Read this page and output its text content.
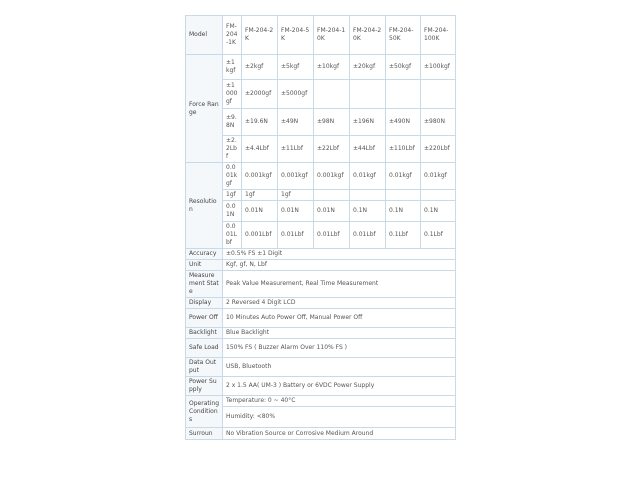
Model	FM-204-1K	FM-204-2K	FM-204-5K	FM-204-10K	FM-204-20K	FM-204-50K	FM-204-100K
Force Range	±1kgf	±2kgf	±5kgf	±10kgf	±20kgf	±50kgf	±100kgf
	±1000gf	±2000gf	±5000gf				
	±9.8N	±19.6N	±49N	±98N	±196N	±490N	±980N
	±2.2Lbf	±4.4Lbf	±11Lbf	±22Lbf	±44Lbf	±110Lbf	±220Lbf
Resolution	0.001kgf	0.001kgf	0.001kgf	0.001kgf	0.01kgf	0.01kgf	0.01kgf
	1gf	1gf	1gf				
	0.01N	0.01N	0.01N	0.01N	0.1N	0.1N	0.1N
	0.001Lbf	0.001Lbf	0.01Lbf	0.01Lbf	0.01Lbf	0.1Lbf	0.1Lbf
Accuracy	±0.5% FS ±1 Digit						
Unit	Kgf, gf, N, Lbf						
Measurement State	Peak Value Measurement, Real Time Measurement						
Display	2 Reversed 4 Digit LCD						
Power Off	10 Minutes Auto Power Off, Manual Power Off						
Backlight	Blue Backlight						
Safe Load	150% FS ( Buzzer Alarm Over 110% FS )						
Data Output	USB, Bluetooth						
Power Supply	2 x 1.5 AA( UM-3 ) Battery or 6VDC Power Supply						
Operating Conditions	Temperature: 0 ~ 40°C						
	Humidity: <80%						
Surroun	No Vibration Source or Corrosive Medium Around						
